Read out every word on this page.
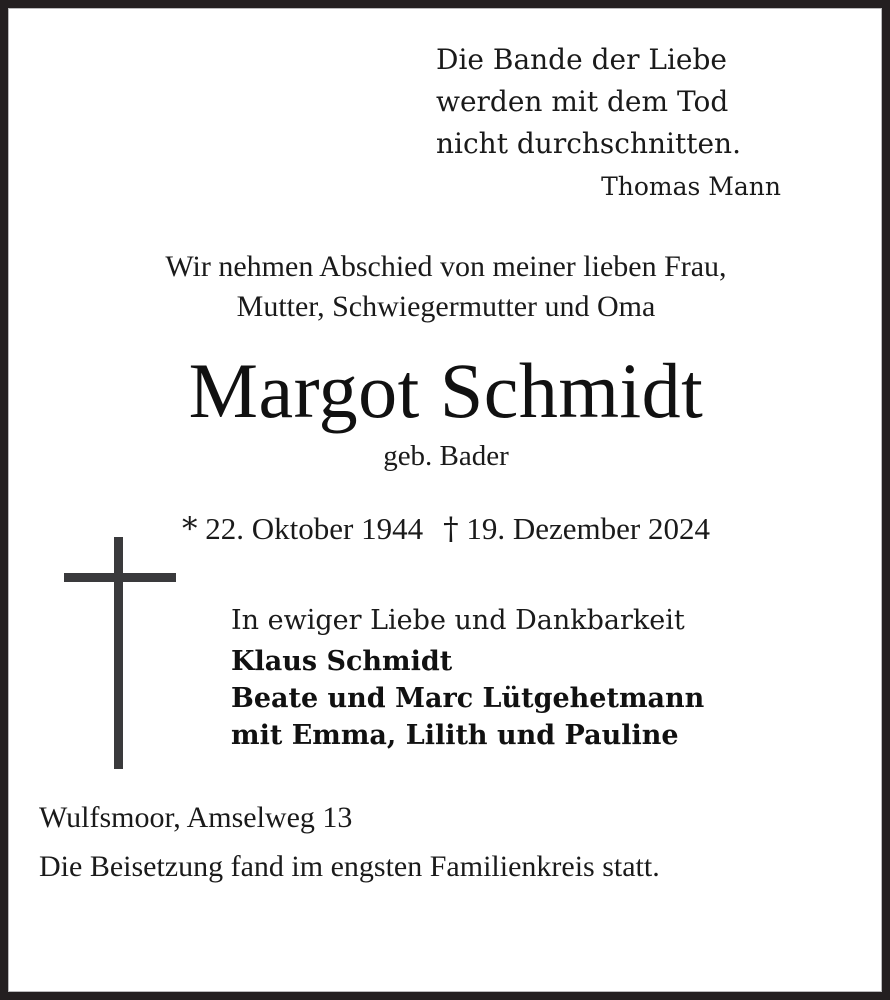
Die Bande der Liebe
werden mit dem Tod
nicht durchschnitten.
Thomas Mann
Wir nehmen Abschied von meiner lieben Frau,
Mutter, Schwiegermutter und Oma
Margot Schmidt
geb. Bader
* 22. Oktober 1944 † 19. Dezember 2024
In ewiger Liebe und Dankbarkeit
Klaus Schmidt
Beate und Marc Lütgehetmann
mit Emma, Lilith und Pauline
Wulfsmoor, Amselweg 13
Die Beisetzung fand im engsten Familienkreis statt.
